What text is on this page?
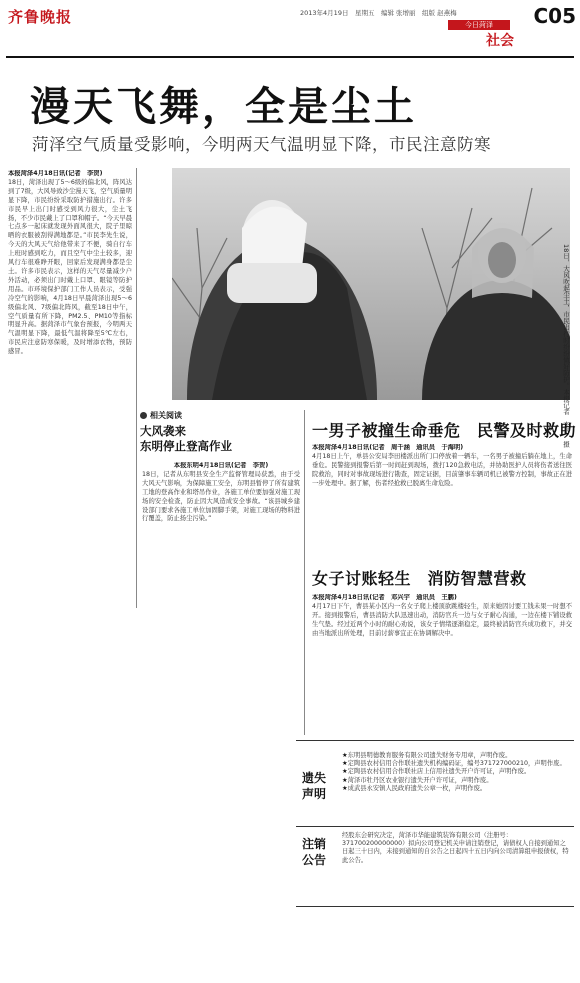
齐鲁晚报	2013年4月19日　星期五　编辑 张增丽　组版 赵燕梅	C05
今日菏泽
社会
漫天飞舞，全是尘土
菏泽空气质量受影响，今明两天气温明显下降，市民注意防寒
本报菏泽4月18日讯(记者　李贺)
18日，菏泽出现了5～6级的偏北风，阵风达到了7级，大风导致沙尘漫天飞，空气质量明显下降，市民纷纷采取防护措施出行。许多市民早上出门时感受到风力很大，尘土飞扬，不少市民戴上了口罩和帽子。“今天早晨七点多一起床就发现外面风很大，院子里晾晒的衣服被刮得满地都是。”市民李先生说，今天的大风天气给他带来了不便，骑自行车上班时感到吃力，而且空气中尘土较多，迎风行车很难睁开眼，回家后发现满身都是尘土。许多市民表示，这样的天气尽量减少户外活动，必须出门时戴上口罩、眼镜等防护用品。市环境保护部门工作人员表示，受强冷空气的影响，4月18日早晨菏泽出现5～6级偏北风、7级偏北阵风，截至18日中午，空气质量有所下降，PM2.5、PM10等指标明显升高。据菏泽市气象台预报，今明两天气温明显下降，最低气温将降至5℃左右，市民应注意防寒保暖，及时增添衣物，预防感冒。	18日，大风吹起尘土，市民出行时纷纷做好防护。本报记者　李贺　摄
相关阅读
大风袭来
东明停止登高作业
本报东明4月18日讯(记者　李贺)
18日，记者从东明县安全生产监督管理局获悉，由于受大风天气影响，为保障施工安全，东明县暂停了所有建筑工地的登高作业和塔吊作业，各施工单位要加强对施工现场的安全检查，防止因大风造成安全事故。“该县城乡建设部门要求各施工单位加固脚手架，对施工现场的物料进行覆盖，防止扬尘污染。”
一男子被撞生命垂危　民警及时救助
本报菏泽4月18日讯(记者　周千涵　通讯员　于海明)
4月18日上午，单县公安局李田楼派出所门口停放着一辆车，一名男子被撞后躺在地上，生命垂危。民警接到报警后第一时间赶到现场，拨打120急救电话，并协助医护人员将伤者送往医院救治，同时对事故现场进行勘查，固定证据，目前肇事车辆司机已被警方控制，事故正在进一步处理中。据了解，伤者经抢救已脱离生命危险。
女子讨账轻生　消防智慧营救
本报菏泽4月18日讯(记者　邓兴宇　通讯员　王鹏)
4月17日下午，曹县某小区内一名女子爬上楼顶欲跳楼轻生，原来她因讨要工钱未果一时想不开。接到报警后，曹县消防大队迅速出动，消防官兵一边与女子耐心沟通，一边在楼下铺设救生气垫。经过近两个小时的耐心劝说，该女子情绪逐渐稳定，最终被消防官兵成功救下，并交由当地派出所处理，目前讨薪事宜正在协调解决中。
遗失
声明
★东明县明德教育服务有限公司遗失财务专用章，声明作废。
★定陶县农村信用合作联社遗失机构编码证，编号371727000210，声明作废。
★定陶县农村信用合作联社店上信用社遗失开户许可证，声明作废。
★菏泽市牡丹区农业银行遗失开户许可证，声明作废。
★成武县永安镇人民政府遗失公章一枚，声明作废。
注销
公告
经股东会研究决定，菏泽市华能建筑装饰有限公司（注册号：371700200000000）拟向公司登记机关申请注销登记，请债权人自接到通知之日起三十日内，未接到通知的自公告之日起四十五日内向公司清算组申报债权，特此公告。
